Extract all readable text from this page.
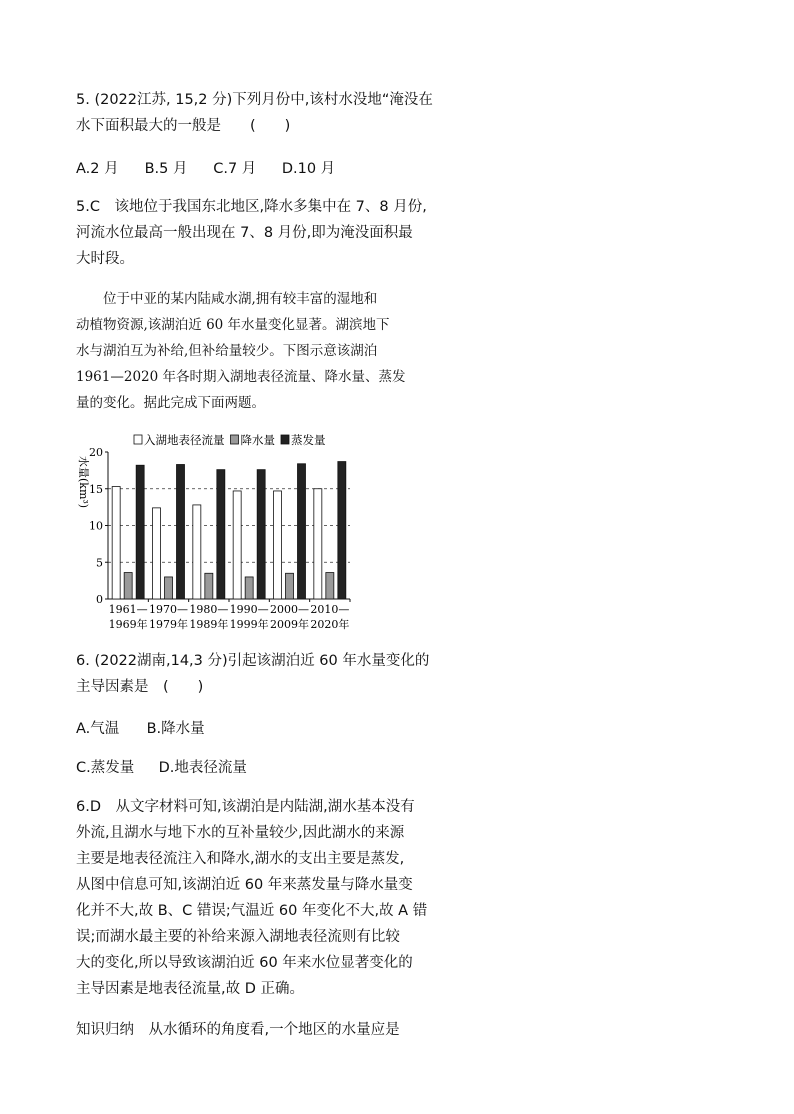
5. (2022江苏, 15,2 分)下列月份中,该村水没地“淹没在
水下面积最大的一般是　　(　　)
A.2 月 B.5 月 C.7 月 D.10 月
5.C　该地位于我国东北地区,降水多集中在 7、8 月份,
河流水位最高一般出现在 7、8 月份,即为淹没面积最
大时段。
　　位于中亚的某内陆咸水湖,拥有较丰富的湿地和
动植物资源,该湖泊近 60 年水量变化显著。湖滨地下
水与湖泊互为补给,但补给量较少。下图示意该湖泊
1961—2020 年各时期入湖地表径流量、降水量、蒸发
量的变化。据此完成下面两题。
0
5
10
15
20
水量(km³)
1961—
1969年
1970—
1979年
1980—
1989年
1990—
1999年
2000—
2009年
2010—
2020年
入湖地表径流量 降水量 蒸发量
6. (2022湖南,14,3 分)引起该湖泊近 60 年水量变化的
主导因素是　(　　)
A.气温 B.降水量
C.蒸发量 D.地表径流量
6.D　从文字材料可知,该湖泊是内陆湖,湖水基本没有
外流,且湖水与地下水的互补量较少,因此湖水的来源
主要是地表径流注入和降水,湖水的支出主要是蒸发,
从图中信息可知,该湖泊近 60 年来蒸发量与降水量变
化并不大,故 B、C 错误;气温近 60 年变化不大,故 A 错
误;而湖水最主要的补给来源入湖地表径流则有比较
大的变化,所以导致该湖泊近 60 年来水位显著变化的
主导因素是地表径流量,故 D 正确。
知识归纳　从水循环的角度看,一个地区的水量应是
